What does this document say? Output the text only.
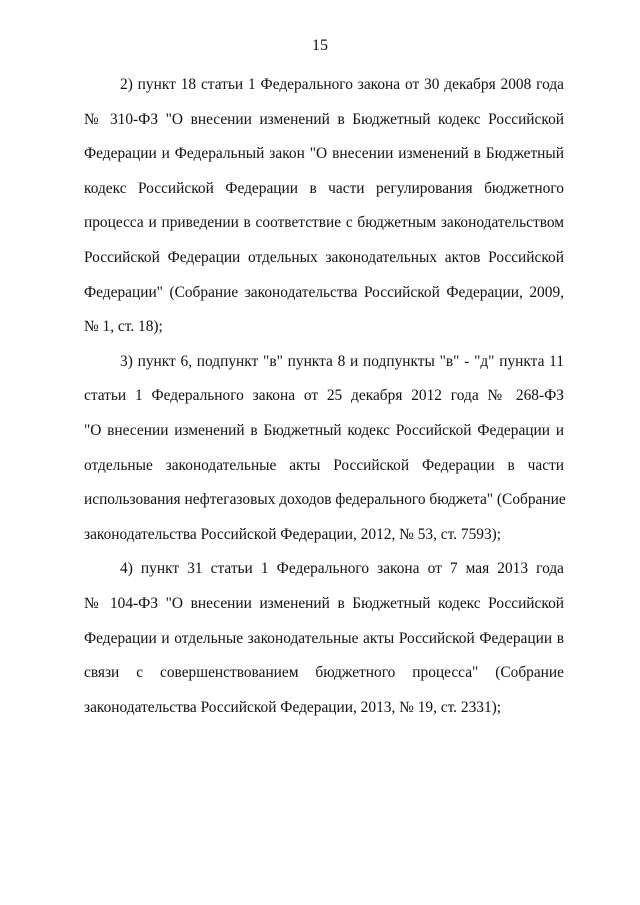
15
2) пункт 18 статьи 1 Федерального закона от 30 декабря 2008 года
№ 310-ФЗ "О внесении изменений в Бюджетный кодекс Российской
Федерации и Федеральный закон "О внесении изменений в Бюджетный
кодекс Российской Федерации в части регулирования бюджетного
процесса и приведении в соответствие с бюджетным законодательством
Российской Федерации отдельных законодательных актов Российской
Федерации" (Собрание законодательства Российской Федерации, 2009,
№ 1, ст. 18);
3) пункт 6, подпункт "в" пункта 8 и подпункты "в" - "д" пункта 11
статьи 1 Федерального закона от 25 декабря 2012 года № 268-ФЗ
"О внесении изменений в Бюджетный кодекс Российской Федерации и
отдельные законодательные акты Российской Федерации в части
использования нефтегазовых доходов федерального бюджета" (Собрание
законодательства Российской Федерации, 2012, № 53, ст. 7593);
4) пункт 31 статьи 1 Федерального закона от 7 мая 2013 года
№ 104-ФЗ "О внесении изменений в Бюджетный кодекс Российской
Федерации и отдельные законодательные акты Российской Федерации в
связи с совершенствованием бюджетного процесса" (Собрание
законодательства Российской Федерации, 2013, № 19, ст. 2331);
